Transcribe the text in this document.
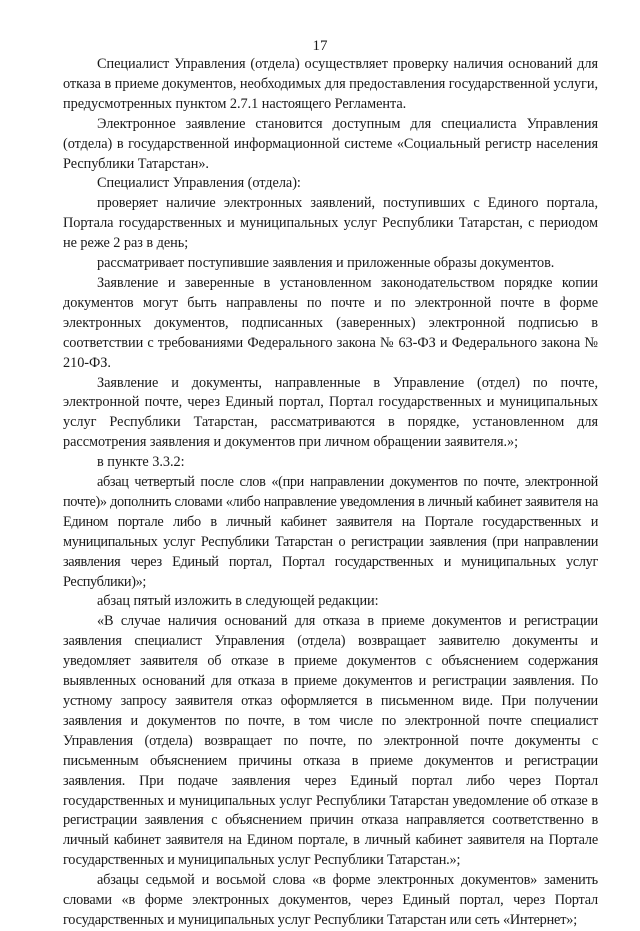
17

Специалист Управления (отдела) осуществляет проверку наличия оснований для отказа в приеме документов, необходимых для предоставления государственной услуги, предусмотренных пунктом 2.7.1 настоящего Регламента.

Электронное заявление становится доступным для специалиста Управления (отдела) в государственной информационной системе «Социальный регистр населения Республики Татарстан».

Специалист Управления (отдела):

проверяет наличие электронных заявлений, поступивших с Единого портала, Портала государственных и муниципальных услуг Республики Татарстан, с периодом не реже 2 раз в день;

рассматривает поступившие заявления и приложенные образы документов.

Заявление и заверенные в установленном законодательством порядке копии документов могут быть направлены по почте и по электронной почте в форме электронных документов, подписанных (заверенных) электронной подписью в соответствии с требованиями Федерального закона № 63-ФЗ и Федерального закона № 210-ФЗ.

Заявление и документы, направленные в Управление (отдел) по почте, электронной почте, через Единый портал, Портал государственных и муниципальных услуг Республики Татарстан, рассматриваются в порядке, установленном для рассмотрения заявления и документов при личном обращении заявителя.»;

в пункте 3.3.2:

абзац четвертый после слов «(при направлении документов по почте, электронной почте)» дополнить словами «либо направление уведомления в личный кабинет заявителя на Едином портале либо в личный кабинет заявителя на Портале государственных и муниципальных услуг Республики Татарстан о регистрации заявления (при направлении заявления через Единый портал, Портал государственных и муниципальных услуг Республики)»;

абзац пятый изложить в следующей редакции:

«В случае наличия оснований для отказа в приеме документов и регистрации заявления специалист Управления (отдела) возвращает заявителю документы и уведомляет заявителя об отказе в приеме документов с объяснением содержания выявленных оснований для отказа в приеме документов и регистрации заявления. По устному запросу заявителя отказ оформляется в письменном виде. При получении заявления и документов по почте, в том числе по электронной почте специалист Управления (отдела) возвращает по почте, по электронной почте документы с письменным объяснением причины отказа в приеме документов и регистрации заявления. При подаче заявления через Единый портал либо через Портал государственных и муниципальных услуг Республики Татарстан уведомление об отказе в регистрации заявления с объяснением причин отказа направляется соответственно в личный кабинет заявителя на Едином портале, в личный кабинет заявителя на Портале государственных и муниципальных услуг Республики Татарстан.»;

абзацы седьмой и восьмой слова «в форме электронных документов» заменить словами «в форме электронных документов, через Единый портал, через Портал государственных и муниципальных услуг Республики Татарстан или сеть «Интернет»;
